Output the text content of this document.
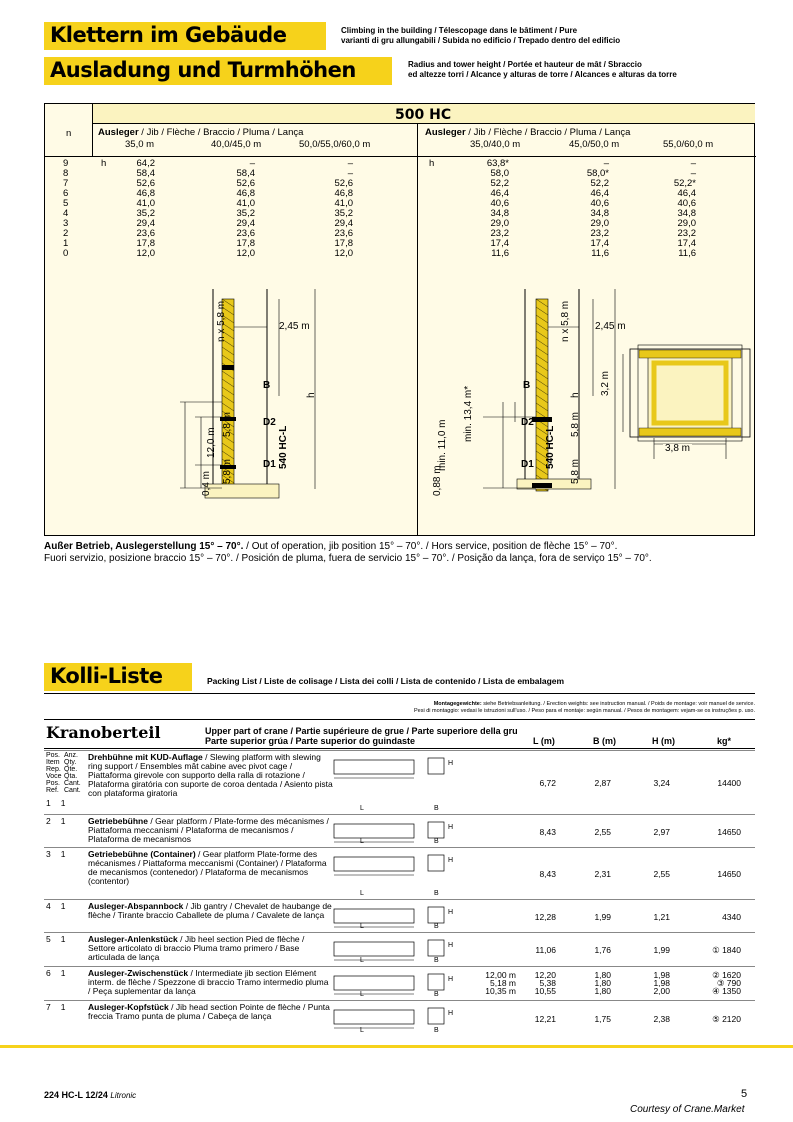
Klettern im Gebäude	Climbing in the building / Télescopage dans le bâtiment / Pure
varianti di gru allungabili / Subida no edificio / Trepado dentro del edificio
Ausladung und Turmhöhen	Radius and tower height / Portée et hauteur de mât / Sbraccio
ed altezze torri / Alcance y alturas de torre / Alcances e alturas da torre
500 HC
n	Ausleger / Jib / Flèche / Braccio / Pluma / Lança	Ausleger / Jib / Flèche / Braccio / Pluma / Lança
35,0 m	40,0/45,0 m	50,0/55,0/60,0 m	35,0/40,0 m	45,0/50,0 m	55,0/60,0 m
h	h
9	64,2	–	–	63,8*	–	–
8	58,4	58,4	–	58,0	58,0*	–
7	52,6	52,6	52,6	52,2	52,2	52,2*
6	46,8	46,8	46,8	46,4	46,4	46,4
5	41,0	41,0	41,0	40,6	40,6	40,6
4	35,2	35,2	35,2	34,8	34,8	34,8
3	29,4	29,4	29,4	29,0	29,0	29,0
2	23,6	23,6	23,6	23,2	23,2	23,2
1	17,8	17,8	17,8	17,4	17,4	17,4
0	12,0	12,0	12,0	11,6	11,6	11,6
2,45 m
B
D2
D1 540 HC-L
n x 5,8 m
h
12,0 m
5,8 m
5,8 m
0,4 m
2,45 m
B
D2
D1 540 HC-L
n x 5,8 m
h
min. 11,0 m
min. 13,4 m*	5,8 m
5,8 m
0,88 m
3,2 m
3,8 m
Außer Betrieb, Auslegerstellung 15° – 70°. / Out of operation, jib position 15° – 70°. / Hors service, position de flèche 15° – 70°.
Fuori servizio, posizione braccio 15° – 70°. / Posición de pluma, fuera de servicio 15° – 70°. / Posição da lança, fora de serviço 15° – 70°.
Kolli-Liste	Packing List / Liste de colisage / Lista dei colli / Lista de contenido / Lista de embalagem
Montagegewichte: siehe Betriebsanleitung. / Erection weights: see instruction manual. / Poids de montage: voir manuel de service.
Pesi di montaggio: vedasi le istruzioni sull'uso. / Peso para el montaje: según manual. / Pesos de montagem: vejam-se os instruções p. uso.
Kranoberteil	Upper part of crane / Partie supérieure de grue / Parte superiore della gru
Parte superior grúa / Parte superior do guindaste	L (m)	B (m)	H (m)	kg*
Pos.
Item
Rep.
Voce
Pos.
Ref.
Anz.
Qty.
Qte.
Qta.
Cant.
Cant.
1 1
Drehbühne mit KUD-Auflage / Slewing platform with slewing ring support / Ensembles mât cabine avec pivot cage / Piattaforma girevole con supporto della ralla di rotazione / Plataforma giratória con suporte de coroa dentada / Asiento pista con plataforma giratoria
L	B
H
6,72	2,87	3,24	14400
2 1	Getriebebühne / Gear platform / Plate-forme des mécanismes / Piattaforma meccanismi / Plataforma de mecanismos / Plataforma de mecanismos	L	B
H	8,43	2,55	2,97	14650
3 1	Getriebebühne (Container) / Gear platform Plate-forme des mécanismes / Piattaforma meccanismi (Container) / Plataforma de mecanismos (contenedor) / Plataforma de mecanismos (contentor)
L	B
H
8,43	2,31	2,55	14650
4 1	Ausleger-Abspannbock / Jib gantry / Chevalet de haubange de flèche / Tirante braccio Caballete de pluma / Cavalete de lança
L	B
H	12,28	1,99	1,21	4340
5 1	Ausleger-Anlenkstück / Jib heel section Pied de flèche / Settore articolato di braccio Pluma tramo primero / Base articulada de lança	L	B
H	11,06	1,76	1,99	① 1840
6 1	Ausleger-Zwischenstück / Intermediate jib section Elément interm. de flèche / Spezzone di braccio Tramo intermedio pluma / Peça suplementar da lança	L	B
H	12,00 m	12,20	1,80	1,98	② 1620
5,18 m	5,38	1,80	1,98	③ 790
10,35 m	10,55	1,80	2,00	④ 1350
7 1	Ausleger-Kopfstück / Jib head section Pointe de flèche / Punta freccia Tramo punta de pluma / Cabeça de lança
L	B
H
12,21	1,75	2,38	⑤ 2120
224 HC-L 12/24 Litronic	5
Courtesy of Crane.Market
